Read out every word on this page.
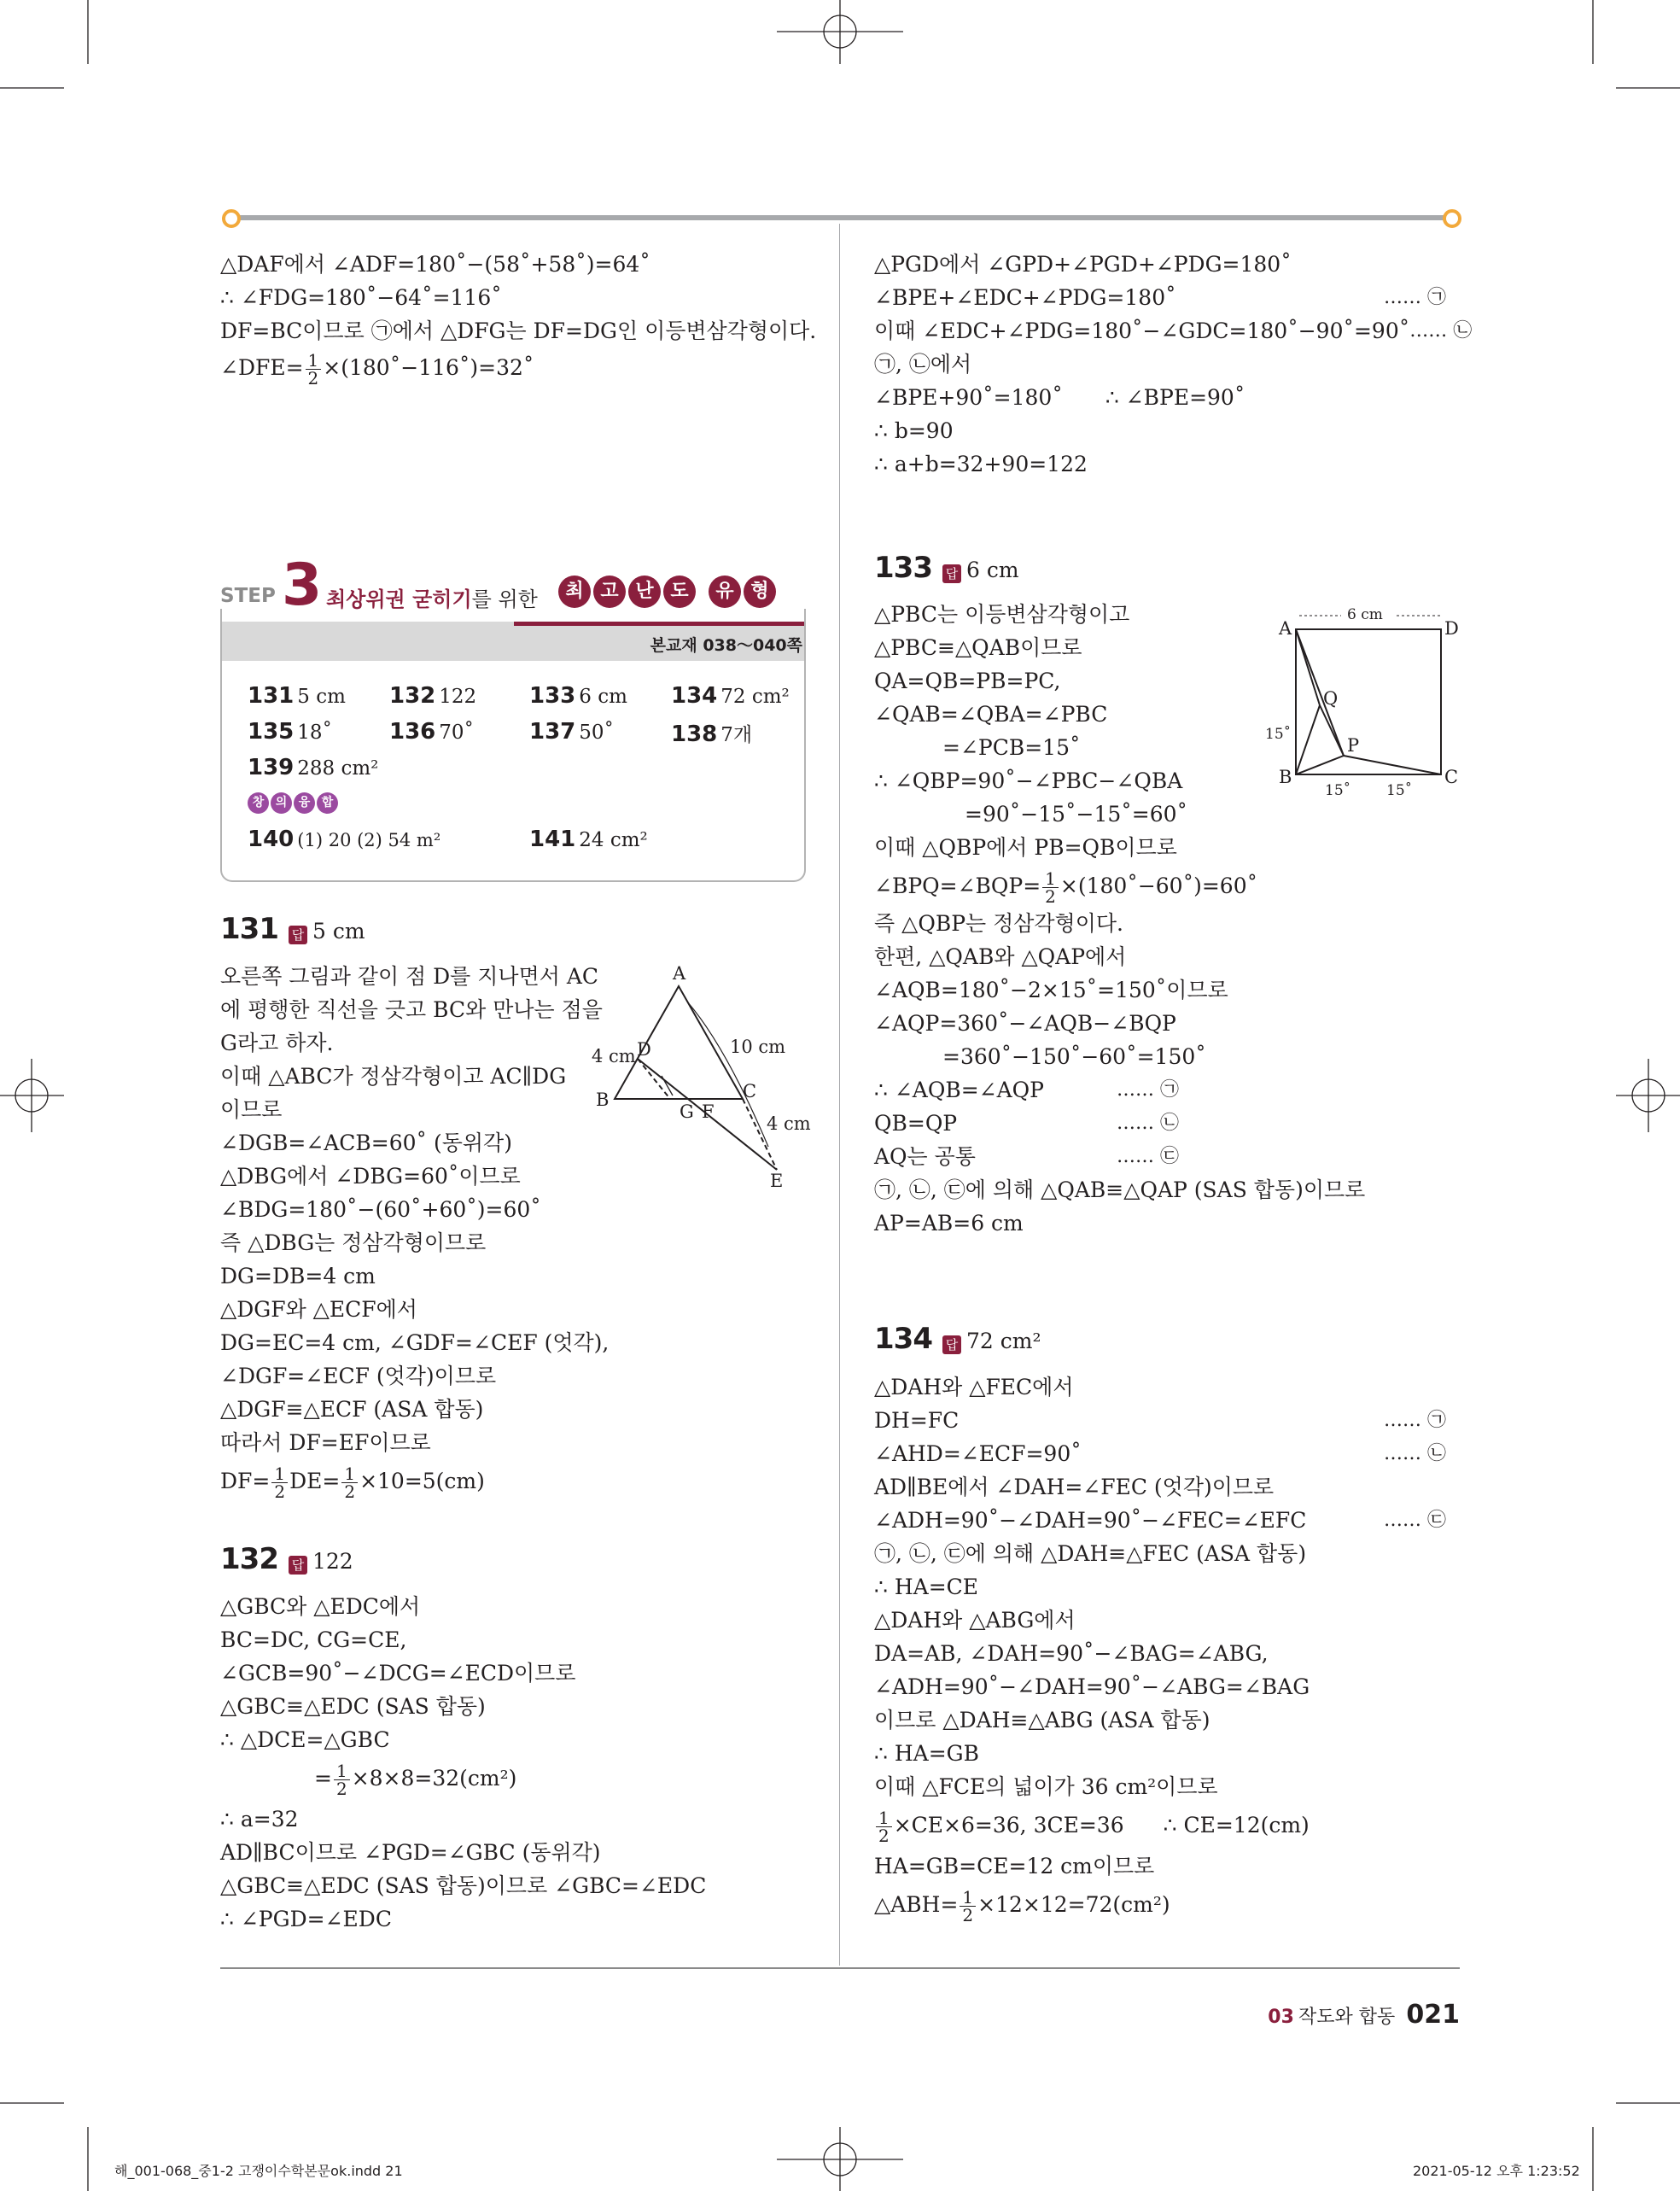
△DAF에서 ∠ADF=180˚−(58˚+58˚)=64˚
∴ ∠FDG=180˚−64˚=116˚
DF=BC이므로 ㉠에서 △DFG는 DF=DG인 이등변삼각형이다.
∠DFE= $\frac{1}{2}$ ×(180˚−116˚)=32˚
STEP 3 최상위권 굳히기를 위한	최 고 난 도 유 형
본교재 038～040쪽
131 5 cm 132 122 133 6 cm 134 72 cm²
135 18˚	136 70˚ 137 50˚	138 7개
139 288 cm²
창 의 융 합
140 (1) 20 (2) 54 m²	141 24 cm²
131 답 5 cm
오른쪽 그림과 같이 점 D를 지나면서 AC
에 평행한 직선을 긋고 BC와 만나는 점을
G라고 하자.
이때 △ABC가 정삼각형이고 AC∥DG
이므로
∠DGB=∠ACB=60˚ (동위각)
△DBG에서 ∠DBG=60˚이므로
∠BDG=180˚−(60˚+60˚)=60˚
즉 △DBG는 정삼각형이므로
DG=DB=4 cm
△DGF와 △ECF에서
DG=EC=4 cm, ∠GDF=∠CEF (엇각),
∠DGF=∠ECF (엇각)이므로
△DGF≡△ECF (ASA 합동)
따라서 DF=EF이므로
$DF= \frac{1}{2} DE= \frac{1}{2} \times 10=5(cm)$
A
B	C
D
E
F
G
4 cm	10 cm
4 cm
132 답 122
△GBC와 △EDC에서
BC=DC, CG=CE,
∠GCB=90˚−∠DCG=∠ECD이므로
△GBC≡△EDC (SAS 합동)
∴ △DCE=△GBC
= $\frac{1}{2} \times 8\times 8=32(cm^2)$
∴ a=32
AD∥BC이므로 ∠PGD=∠GBC (동위각)
△GBC≡△EDC (SAS 합동)이므로 ∠GBC=∠EDC
∴ ∠PGD=∠EDC
△PGD에서 ∠GPD+∠PGD+∠PDG=180˚
∠BPE+∠EDC+∠PDG=180˚	…… ㉠
이때 ∠EDC+∠PDG=180˚−∠GDC=180˚−90˚=90˚ …… ㉡
㉠, ㉡에서
∠BPE+90˚=180˚ ∴ ∠BPE=90˚
∴ b=90
∴ a+b=32+90=122
133 답 6 cm
△PBC는 이등변삼각형이고
△PBC≡△QAB이므로
QA=QB=PB=PC,
∠QAB=∠QBA=∠PBC
=∠PCB=15˚
∴ ∠QBP=90˚−∠PBC−∠QBA
=90˚−15˚−15˚=60˚
이때 △QBP에서 PB=QB이므로
∠BPQ=∠BQP= $\frac{1}{2}$ ×(180˚−60˚)=60˚
즉 △QBP는 정삼각형이다.
한편, △QAB와 △QAP에서
∠AQB=180˚−2×15˚=150˚이므로
∠AQP=360˚−∠AQB−∠BQP
=360˚−150˚−60˚=150˚
∴ ∠AQB=∠AQP	…… ㉠
QB=QP	…… ㉡
AQ는 공통	…… ㉢
㉠, ㉡, ㉢에 의해 △QAB≡△QAP (SAS 합동)이므로
AP=AB=6 cm
A	D
B	C
Q
P
6 cm
15˚
15˚ 15˚
134 답 72 cm²
△DAH와 △FEC에서
DH=FC	…… ㉠
∠AHD=∠ECF=90˚	…… ㉡
AD∥BE에서 ∠DAH=∠FEC (엇각)이므로
∠ADH=90˚−∠DAH=90˚−∠FEC=∠EFC	…… ㉢
㉠, ㉡, ㉢에 의해 △DAH≡△FEC (ASA 합동)
∴ HA=CE
△DAH와 △ABG에서
DA=AB, ∠DAH=90˚−∠BAG=∠ABG,
∠ADH=90˚−∠DAH=90˚−∠ABG=∠BAG
이므로 △DAH≡△ABG (ASA 합동)
∴ HA=GB
이때 △FCE의 넓이가 36 cm²이므로
$\frac{1}{2} \times CE\times 6=36$, 3CE=36 ∴ CE=12(cm)
HA=GB=CE=12 cm이므로
△ABH= $\frac{1}{2} \times 12\times 12=72(cm^2)$
03 작도와 합동 021
해_001-068_중1-2 고쟁이수학본문ok.indd 21	2021-05-12 오후 1:23:52
